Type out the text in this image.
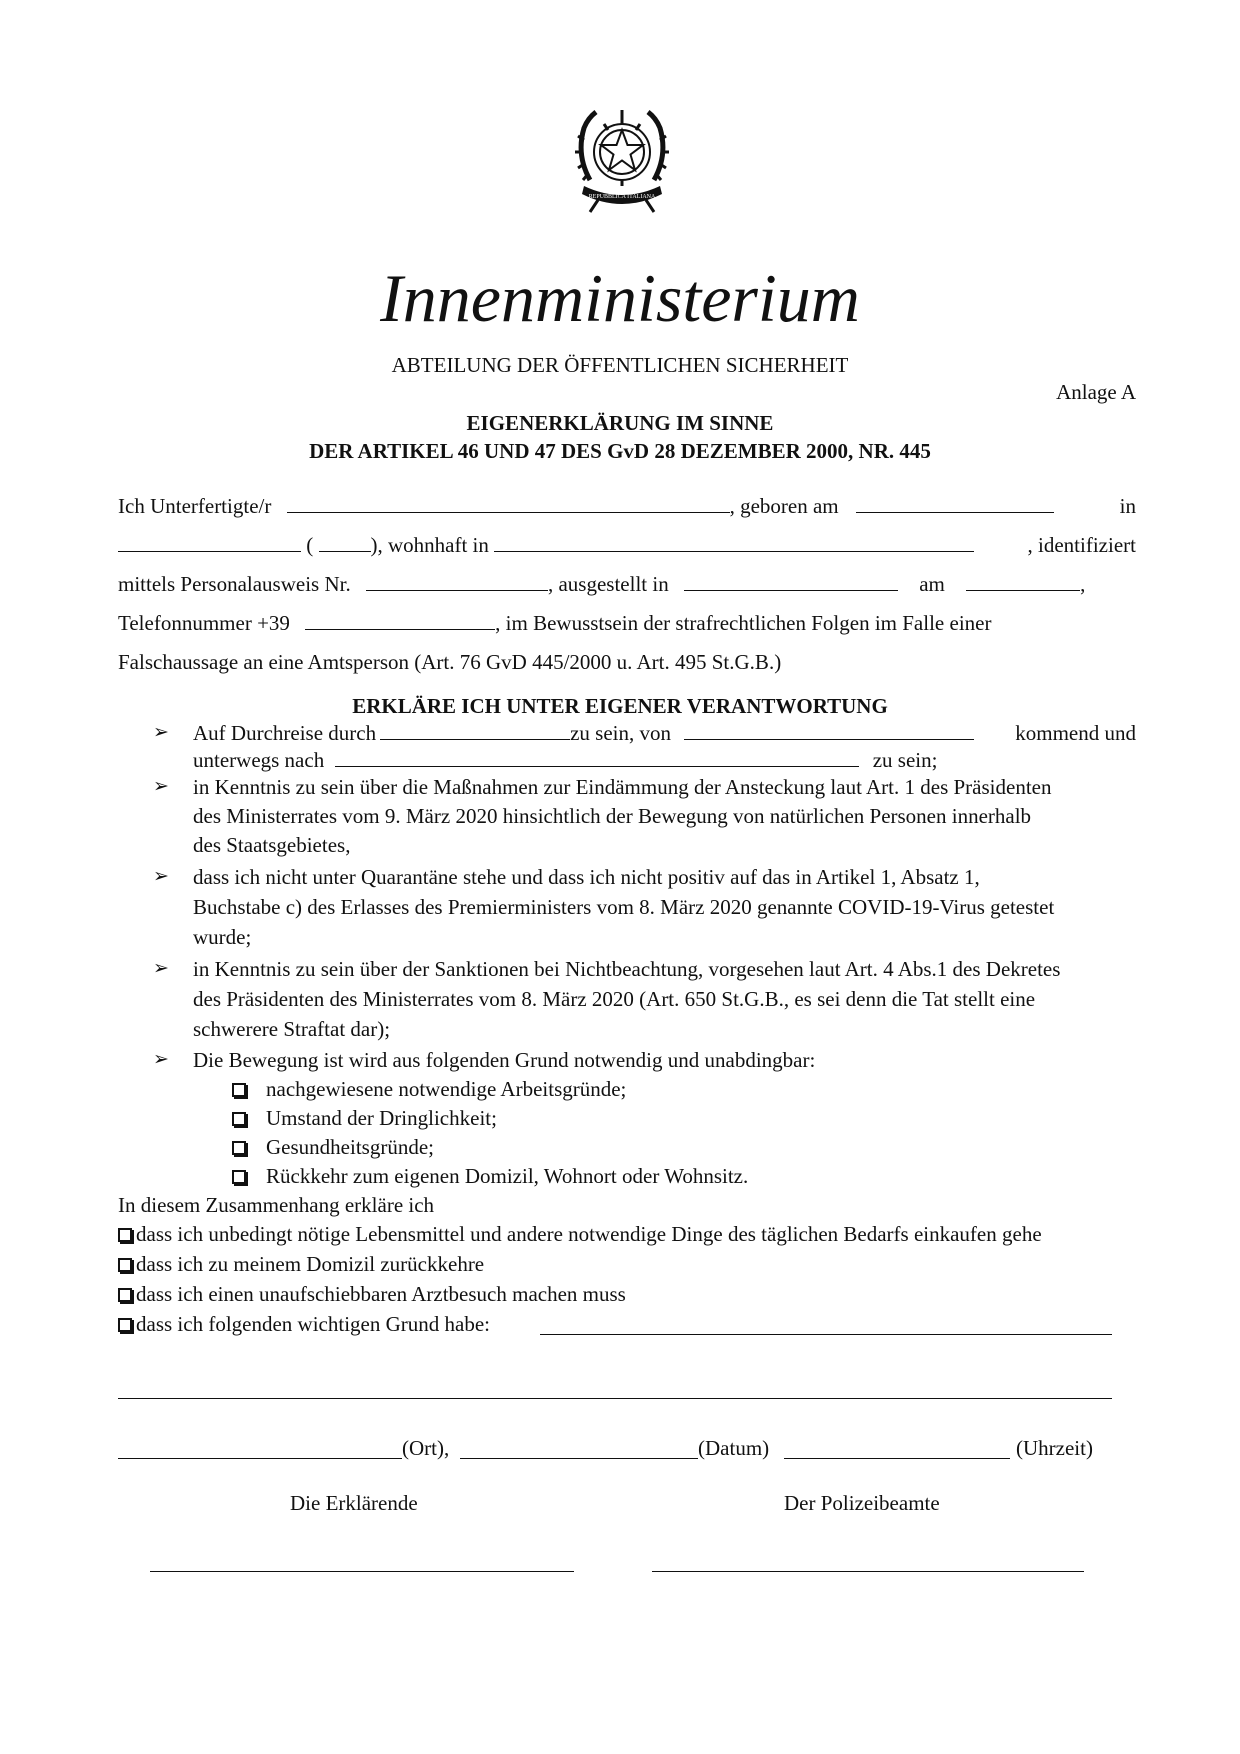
REPUBBLICA ITALIANA
Innenministerium
ABTEILUNG DER ÖFFENTLICHEN SICHERHEIT
Anlage A
EIGENERKLÄRUNG IM SINNE
DER ARTIKEL 46 UND 47 DES GvD 28 DEZEMBER 2000, NR. 445
Ich Unterfertigte/r	, geboren am	in
(	), wohnhaft in	, identifiziert
mittels Personalausweis Nr.	, ausgestellt in	am	,
Telefonnummer +39	, im Bewusstsein der strafrechtlichen Folgen im Falle einer
Falschaussage an eine Amtsperson (Art. 76 GvD 445/2000 u. Art. 495 St.G.B.)
ERKLÄRE ICH UNTER EIGENER VERANTWORTUNG
➢ Auf Durchreise durch	zu sein, von	kommend und
unterwegs nach	zu sein;
➢ in Kenntnis zu sein über die Maßnahmen zur Eindämmung der Ansteckung laut Art. 1 des Präsidenten
des Ministerrates vom 9. März 2020 hinsichtlich der Bewegung von natürlichen Personen innerhalb
des Staatsgebietes,
➢ dass ich nicht unter Quarantäne stehe und dass ich nicht positiv auf das in Artikel 1, Absatz 1,
Buchstabe c) des Erlasses des Premierministers vom 8. März 2020 genannte COVID-19-Virus getestet
wurde;
➢ in Kenntnis zu sein über der Sanktionen bei Nichtbeachtung, vorgesehen laut Art. 4 Abs.1 des Dekretes
des Präsidenten des Ministerrates vom 8. März 2020 (Art. 650 St.G.B., es sei denn die Tat stellt eine
schwerere Straftat dar);
➢ Die Bewegung ist wird aus folgenden Grund notwendig und unabdingbar:
nachgewiesene notwendige Arbeitsgründe;
Umstand der Dringlichkeit;
Gesundheitsgründe;
Rückkehr zum eigenen Domizil, Wohnort oder Wohnsitz.
In diesem Zusammenhang erkläre ich
dass ich unbedingt nötige Lebensmittel und andere notwendige Dinge des täglichen Bedarfs einkaufen gehe
dass ich zu meinem Domizil zurückkehre
dass ich einen unaufschiebbaren Arztbesuch machen muss
dass ich folgenden wichtigen Grund habe:
(Ort),	(Datum)	(Uhrzeit)
Die Erklärende	Der Polizeibeamte
